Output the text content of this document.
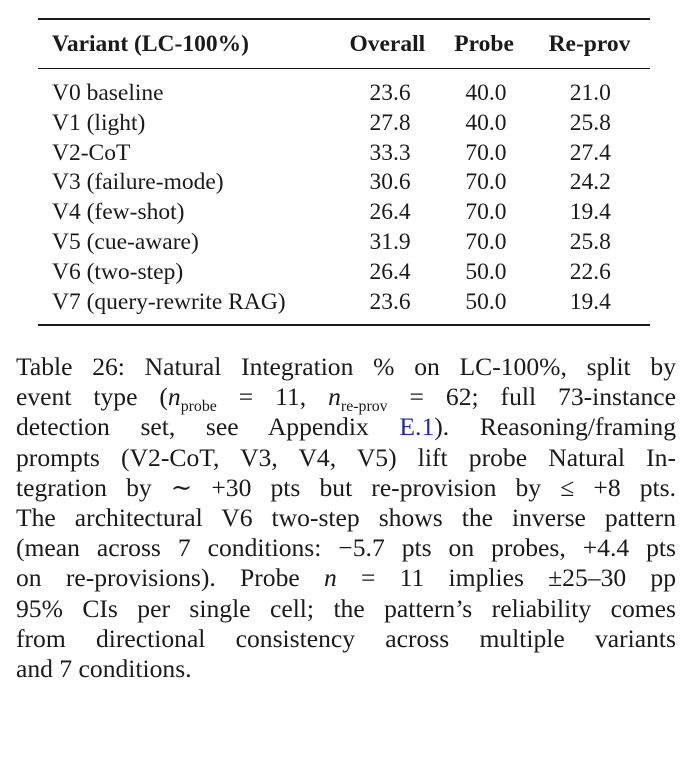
Variant (LC-100%)	Overall	Probe	Re-prov

V0 baseline	23.6	40.0	21.0
V1 (light)	27.8	40.0	25.8
V2-CoT	33.3	70.0	27.4
V3 (failure-mode)	30.6	70.0	24.2
V4 (few-shot)	26.4	70.0	19.4
V5 (cue-aware)	31.9	70.0	25.8
V6 (two-step)	26.4	50.0	22.6
V7 (query-rewrite RAG)	23.6	50.0	19.4

Table 26: Natural Integration % on LC-100%, split by
event type ($n_{probe} = 11$, $n_{re-prov} = 62$; full 73-instance
detection set, see Appendix E.1). Reasoning/framing
prompts (V2-CoT, V3, V4, V5) lift probe Natural In-
tegration by ∼ +30 pts but re-provision by ≤ +8 pts.
The architectural V6 two-step shows the inverse pattern
(mean across 7 conditions: −5.7 pts on probes, +4.4 pts
on re-provisions). Probe n = 11 implies ±25–30 pp
95% CIs per single cell; the pattern’s reliability comes
from directional consistency across multiple variants
and 7 conditions.
